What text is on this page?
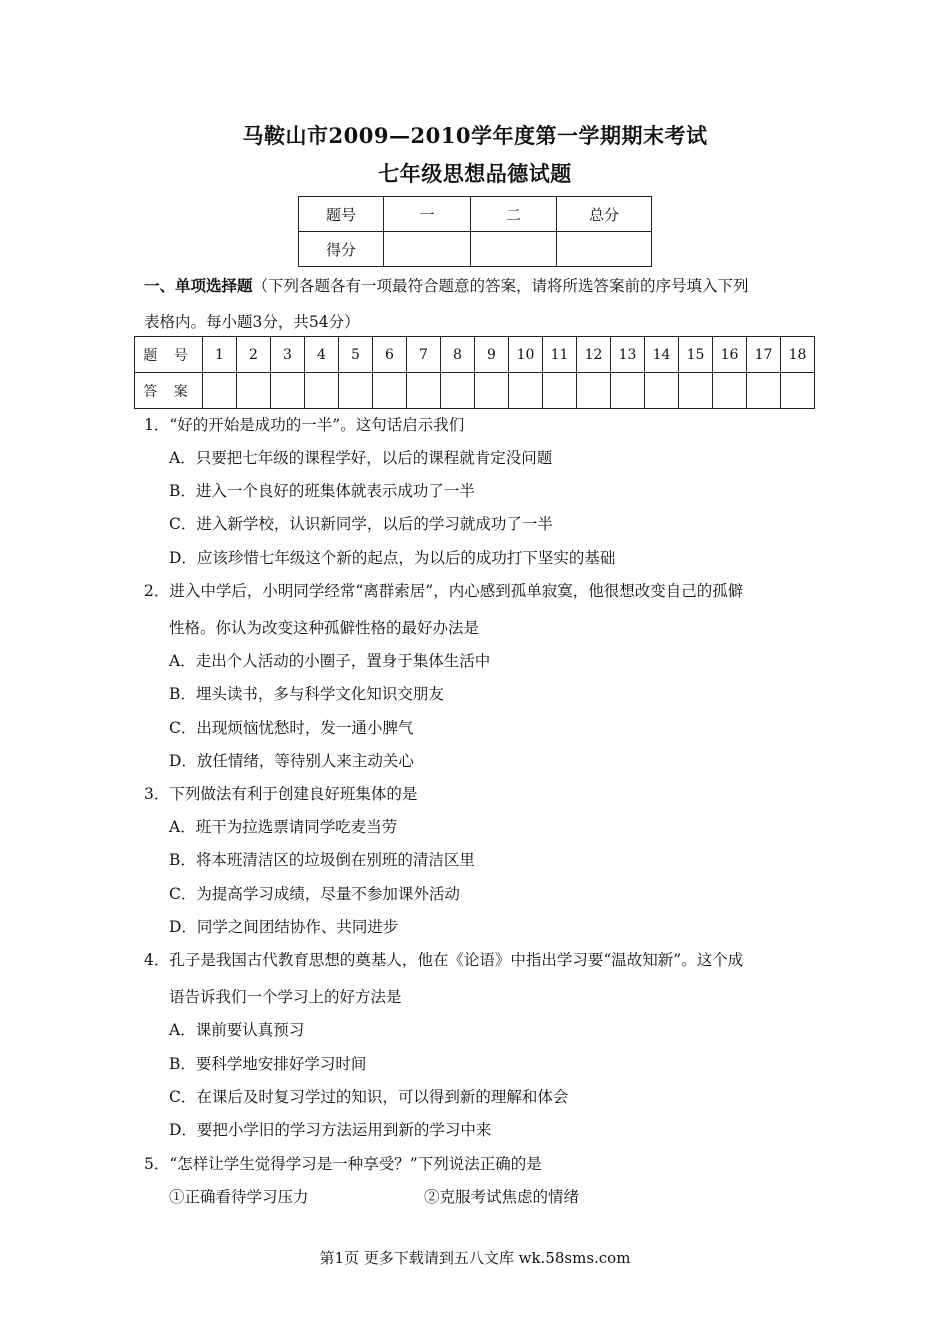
马鞍山市2009—2010学年度第一学期期末考试
七年级思想品德试题
题号	一	二	总分
得分			
一、单项选择题（下列各题各有一项最符合题意的答案，请将所选答案前的序号填入下列
表格内。每小题3分，共54分）
题 号	1	2	3	4	5	6	7	8	9	10	11	12	13	14	15	16	17	18
答 案																		
1．“好的开始是成功的一半”。这句话启示我们
A．只要把七年级的课程学好，以后的课程就肯定没问题
B．进入一个良好的班集体就表示成功了一半
C．进入新学校，认识新同学，以后的学习就成功了一半
D．应该珍惜七年级这个新的起点，为以后的成功打下坚实的基础
2．进入中学后，小明同学经常“离群索居”，内心感到孤单寂寞，他很想改变自己的孤僻
性格。你认为改变这种孤僻性格的最好办法是
A．走出个人活动的小圈子，置身于集体生活中
B．埋头读书，多与科学文化知识交朋友
C．出现烦恼忧愁时，发一通小脾气
D．放任情绪，等待别人来主动关心
3．下列做法有利于创建良好班集体的是
A．班干为拉选票请同学吃麦当劳
B．将本班清洁区的垃圾倒在别班的清洁区里
C．为提高学习成绩，尽量不参加课外活动
D．同学之间团结协作、共同进步
4．孔子是我国古代教育思想的奠基人，他在《论语》中指出学习要“温故知新”。这个成
语告诉我们一个学习上的好方法是
A．课前要认真预习
B．要科学地安排好学习时间
C．在课后及时复习学过的知识，可以得到新的理解和体会
D．要把小学旧的学习方法运用到新的学习中来
5．“怎样让学生觉得学习是一种享受？”下列说法正确的是
①正确看待学习压力	②克服考试焦虑的情绪
第1页 更多下载请到五八文库 wk.58sms.com
